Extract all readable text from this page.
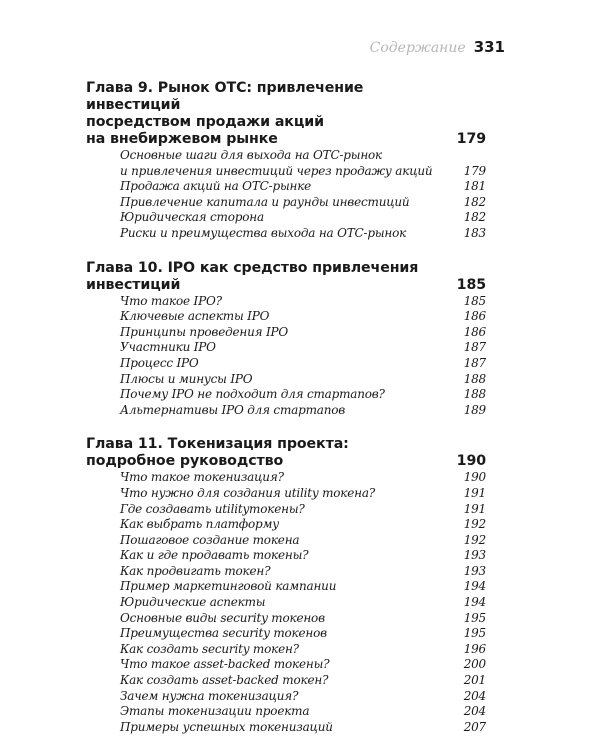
Содержание 331
Глава 9. Рынок ОТС: привлечение инвестиций
посредством продажи акций
на внебиржевом рынке	179
Основные шаги для выхода на ОТС-рынок
и привлечения инвестиций через продажу акций	179
Продажа акций на ОТС-рынке	181
Привлечение капитала и раунды инвестиций	182
Юридическая сторона	182
Риски и преимущества выхода на ОТС-рынок	183
Глава 10. IPO как средство привлечения
инвестиций	185
Что такое IPO?	185
Ключевые аспекты IPO	186
Принципы проведения IPO	186
Участники IPO	187
Процесс IPO	187
Плюсы и минусы IPO	188
Почему IPO не подходит для стартапов?	188
Альтернативы IPO для стартапов	189
Глава 11. Токенизация проекта:
подробное руководство	190
Что такое токенизация?	190
Что нужно для создания utility токена?	191
Где создавать utilityтокены?	191
Как выбрать платформу	192
Пошаговое создание токена	192
Как и где продавать токены?	193
Как продвигать токен?	193
Пример маркетинговой кампании	194
Юридические аспекты	194
Основные виды security токенов	195
Преимущества security токенов	195
Как создать security токен?	196
Что такое asset-backed токены?	200
Как создать asset-backed токен?	201
Зачем нужна токенизация?	204
Этапы токенизации проекта	204
Примеры успешных токенизаций	207
